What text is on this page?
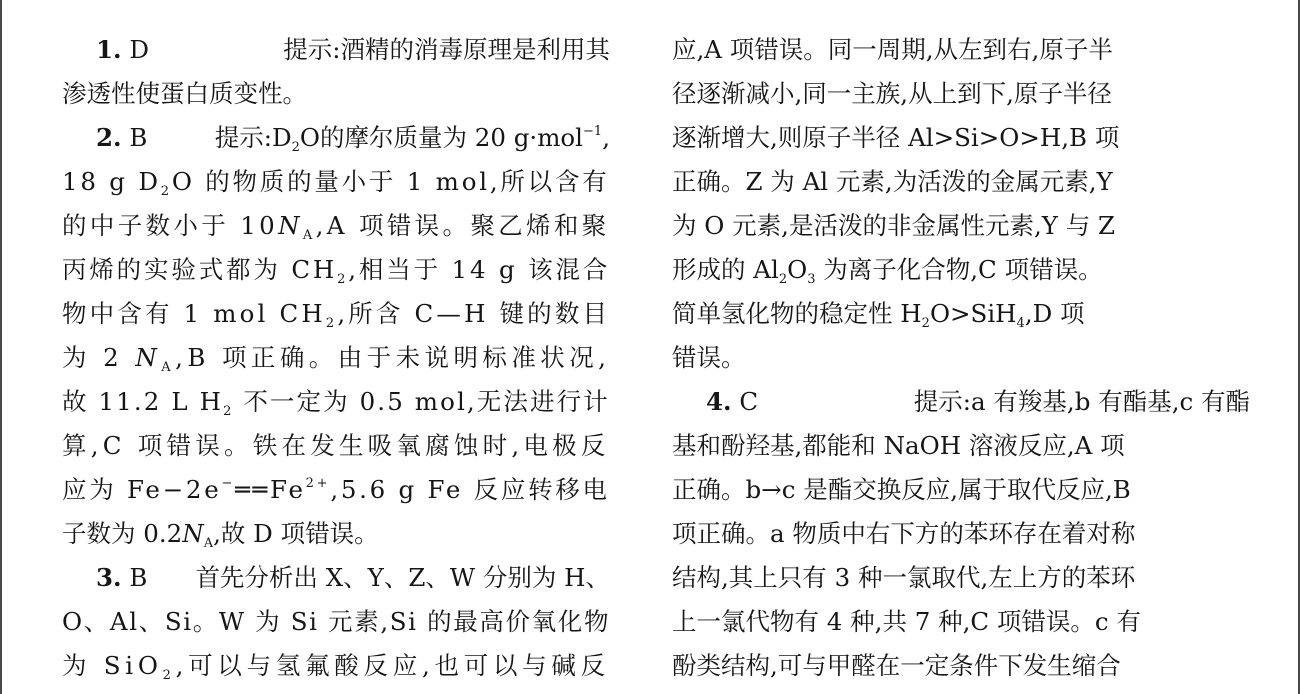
1. D	提示:酒精的消毒原理是利用其
渗透性使蛋白质变性。
2. B	提示$:D_2O$的摩尔质量为 20 g·mol$^{-1}$,
18 g $D_2O$ 的物质的量小于 1 mol,所以含有
的中子数小于 $10N_A,A$ 项错误。聚乙烯和聚
丙烯的实验式都为 $CH_2$,相当于 14 g 该混合
物中含有 1 mol $CH_2$,所含 C—H 键的数目
为 2 $N_A,B$ 项正确。由于未说明标准状况,
故 11.2 L $H_2$ 不一定为 0.5 mol,无法进行计
算,C 项错误。铁在发生吸氧腐蚀时,电极反
应为 $Fe-2e^-══Fe^{2+},5.6$ g Fe 反应转移电
子数为 $0.2N_A$,故 D 项错误。
3. B 首先分析出 X、Y、Z、W 分别为 H、
O、Al、Si。W 为 Si 元素,Si 的最高价氧化物
为 SiO$_2$,可以与氢氟酸反应,也可以与碱反
应,A 项错误。同一周期,从左到右,原子半
径逐渐减小,同一主族,从上到下,原子半径
逐渐增大,则原子半径 Al>Si>O>H,B 项
正确。Z 为 Al 元素,为活泼的金属元素,Y
为 O 元素,是活泼的非金属性元素,Y 与 Z
形成的 $Al_2O_3$ 为离子化合物,C 项错误。
简单氢化物的稳定性 $H_2O>SiH_4,D$ 项
错误。
4. C	提示:a 有羧基,b 有酯基,c 有酯
基和酚羟基,都能和 NaOH 溶液反应,A 项
正确。b→c 是酯交换反应,属于取代反应,B
项正确。a 物质中右下方的苯环存在着对称
结构,其上只有 3 种一氯取代,左上方的苯环
上一氯代物有 4 种,共 7 种,C 项错误。c 有
酚类结构,可与甲醛在一定条件下发生缩合
